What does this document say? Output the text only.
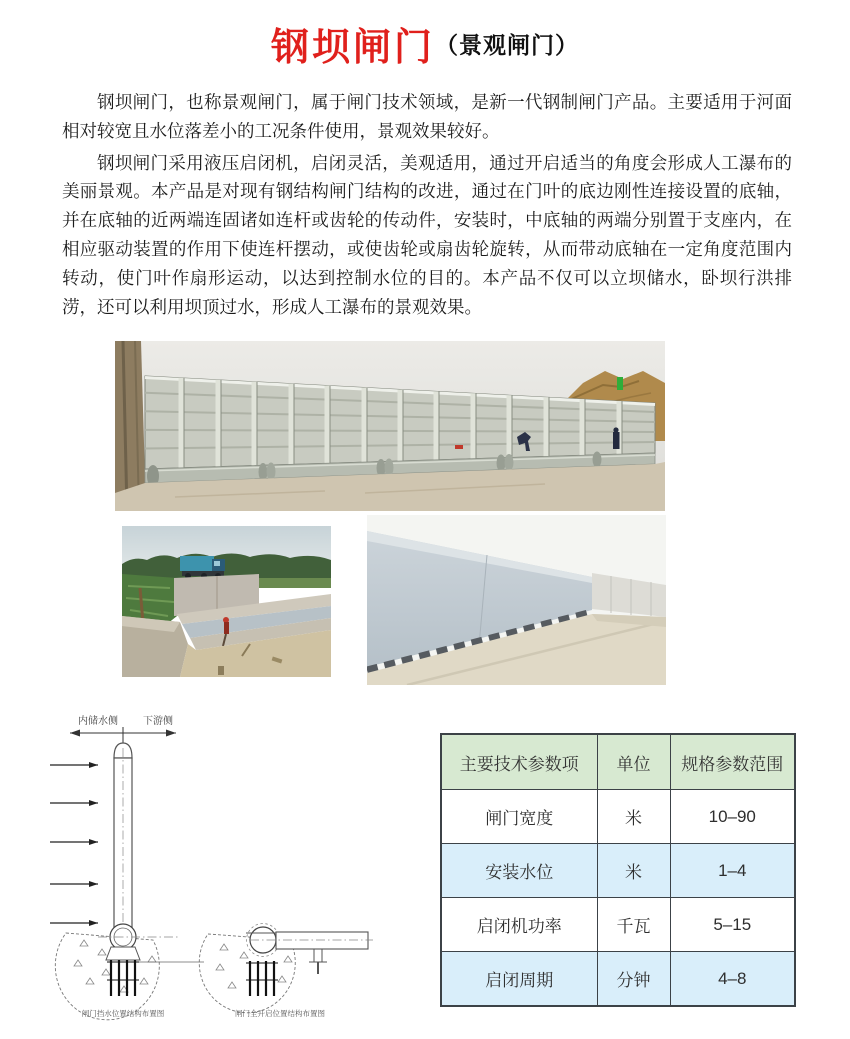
钢坝闸门（景观闸门）

钢坝闸门，也称景观闸门，属于闸门技术领域，是新一代钢制闸门产品。主要适用于河面相对较宽且水位落差小的工况条件使用，景观效果较好。

钢坝闸门采用液压启闭机，启闭灵活，美观适用，通过开启适当的角度会形成人工瀑布的美丽景观。本产品是对现有钢结构闸门结构的改进，通过在门叶的底边刚性连接设置的底轴，并在底轴的近两端连固诸如连杆或齿轮的传动件，安装时，中底轴的两端分别置于支座内，在相应驱动装置的作用下使连杆摆动，或使齿轮或扇齿轮旋转，从而带动底轴在一定角度范围内转动，使门叶作扇形运动，以达到控制水位的目的。本产品不仅可以立坝储水，卧坝行洪排涝，还可以利用坝顶过水，形成人工瀑布的景观效果。

内储水侧	下游侧
闸门挡水位置结构布置图	闸门全开启位置结构布置图
主要技术参数项	单位	规格参数范围
闸门宽度	米	10–90
安装水位	米	1–4
启闭机功率	千瓦	5–15
启闭周期	分钟	4–8
